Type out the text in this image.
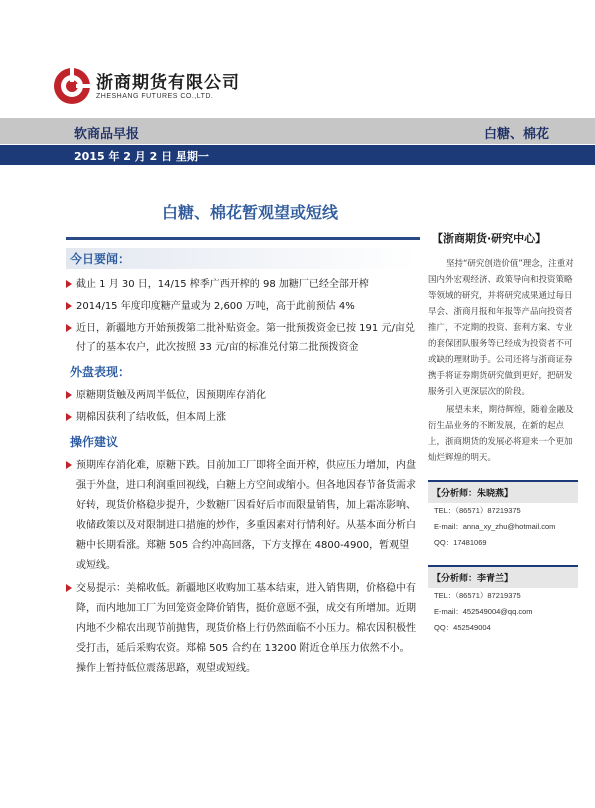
浙商期货有限公司
ZHESHANG FUTURES CO.,LTD.
软商品早报	白糖、棉花
2015 年 2 月 2 日 星期一
白糖、棉花暂观望或短线
今日要闻：
截止 1 月 30 日，14/15 榨季广西开榨的 98 加糖厂已经全部开榨
2014/15 年度印度糖产量或为 2,600 万吨，高于此前预估 4%
近日，新疆地方开始预拨第二批补贴资金。第一批预拨资金已按 191 元/亩兑付了的基本农户，此次按照 33 元/亩的标准兑付第二批预拨资金
外盘表现：
原糖期货触及两周半低位，因预期库存消化
期棉因获利了结收低，但本周上涨
操作建议
预期库存消化难，原糖下跌。目前加工厂即将全面开榨，供应压力增加，内盘强于外盘，进口利润重回视线，白糖上方空间或缩小。但各地因春节备货需求好转，现货价格稳步提升，少数糖厂因看好后市而限量销售，加上霜冻影响、收储政策以及对限制进口措施的炒作，多重因素对行情利好。从基本面分析白糖中长期看涨。郑糖 505 合约冲高回落，下方支撑在 4800-4900，暂观望或短线。
交易提示：美棉收低。新疆地区收购加工基本结束，进入销售期，价格稳中有降，而内地加工厂为回笼资金降价销售，挺价意愿不强，成交有所增加。近期内地不少棉农出现节前抛售，现货价格上行仍然面临不小压力。棉农因积极性受打击，延后采购农资。郑棉 505 合约在 13200 附近仓单压力依然不小。操作上暂持低位震荡思路，观望或短线。
【浙商期货·研究中心】

坚持“研究创造价值”理念，注重对国内外宏观经济、政策导向和投资策略等领域的研究，并将研究成果通过每日早会、浙商月报和年报等产品向投资者推广，不定期的投资、套利方案、专业的套保团队服务等已经成为投资者不可或缺的理财助手。公司还将与浙商证券携手将证券期货研究做到更好，把研发服务引入更深层次的阶段。

展望未来，期待辉煌，随着金融及衍生品业务的不断发展，在新的起点上，浙商期货的发展必将迎来一个更加灿烂辉煌的明天。

【分析师：朱晓燕】
TEL：（86571）87219375
E-mail：anna_xy_zhu@hotmail.com
QQ：17481069
【分析师：李青兰】
TEL：（86571）87219375
E-mail：452549004@qq.com
QQ：452549004
